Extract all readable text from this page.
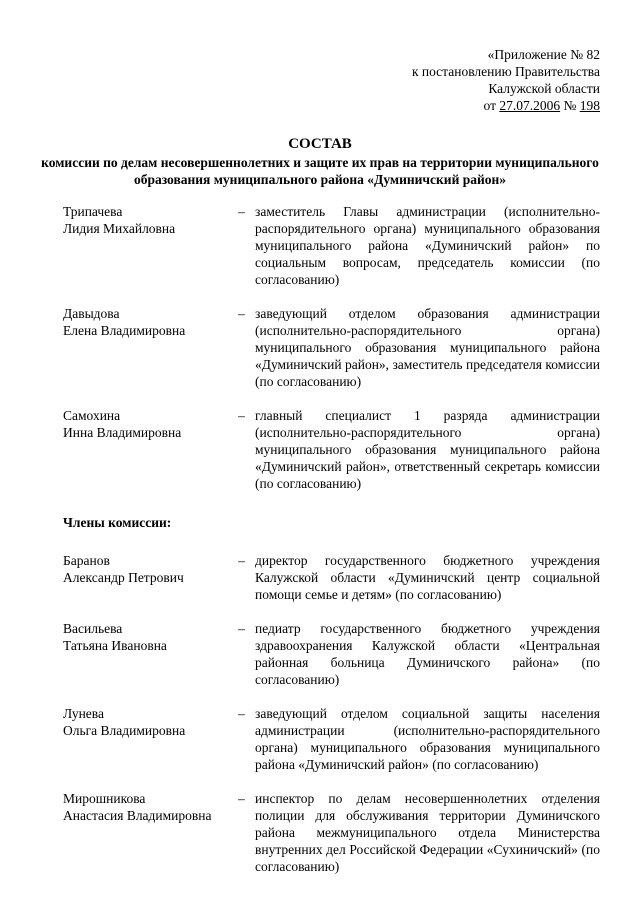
«Приложение № 82
к постановлению Правительства
Калужской области
от 27.07.2006 № 198
СОСТАВ
комиссии по делам несовершеннолетних и защите их прав на территории муниципального образования муниципального района «Думиничский район»
Трипачева
Лидия Михайловна
– заместитель Главы администрации (исполнительно-распорядительного органа) муниципального образования муниципального района «Думиничский район» по социальным вопросам, председатель комиссии (по согласованию)
Давыдова
Елена Владимировна
– заведующий отделом образования администрации (исполнительно-распорядительного органа) муниципального образования муниципального района «Думиничский район», заместитель председателя комиссии (по согласованию)
Самохина
Инна Владимировна
– главный специалист 1 разряда администрации (исполнительно-распорядительного органа) муниципального образования муниципального района «Думиничский район», ответственный секретарь комиссии (по согласованию)
Члены комиссии:
Баранов
Александр Петрович
– директор государственного бюджетного учреждения Калужской области «Думиничский центр социальной помощи семье и детям» (по согласованию)
Васильева
Татьяна Ивановна
– педиатр государственного бюджетного учреждения здравоохранения Калужской области «Центральная районная больница Думиничского района» (по согласованию)
Лунева
Ольга Владимировна
– заведующий отделом социальной защиты населения администрации (исполнительно-распорядительного органа) муниципального образования муниципального района «Думиничский район» (по согласованию)
Мирошникова
Анастасия Владимировна
– инспектор по делам несовершеннолетних отделения полиции для обслуживания территории Думиничского района межмуниципального отдела Министерства внутренних дел Российской Федерации «Сухиничский» (по согласованию)
